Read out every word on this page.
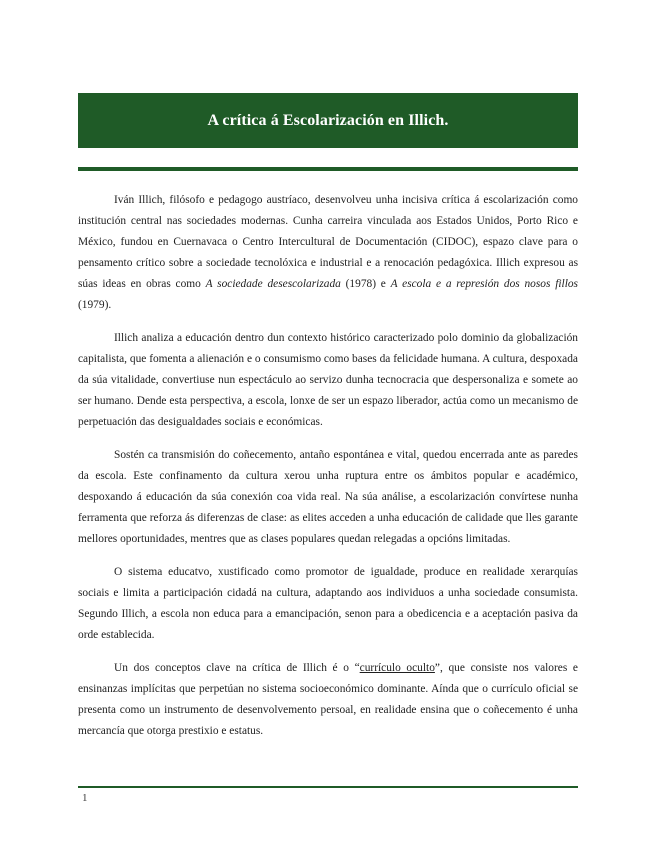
A crítica á Escolarización en Illich.

Iván Illich, filósofo e pedagogo austríaco, desenvolveu unha incisiva crítica á escolarización como institución central nas sociedades modernas. Cunha carreira vinculada aos Estados Unidos, Porto Rico e México, fundou en Cuernavaca o Centro Intercultural de Documentación (CIDOC), espazo clave para o pensamento crítico sobre a sociedade tecnolóxica e industrial e a renocación pedagóxica. Illich expresou as súas ideas en obras como A sociedade desescolarizada (1978) e A escola e a represión dos nosos fillos (1979).

Illich analiza a educación dentro dun contexto histórico caracterizado polo dominio da globalización capitalista, que fomenta a alienación e o consumismo como bases da felicidade humana. A cultura, despoxada da súa vitalidade, convertiuse nun espectáculo ao servizo dunha tecnocracia que despersonaliza e somete ao ser humano. Dende esta perspectiva, a escola, lonxe de ser un espazo liberador, actúa como un mecanismo de perpetuación das desigualdades sociais e económicas.

Sostén ca transmisión do coñecemento, antaño espontánea e vital, quedou encerrada ante as paredes da escola. Este confinamento da cultura xerou unha ruptura entre os ámbitos popular e académico, despoxando á educación da súa conexión coa vida real. Na súa análise, a escolarización convírtese nunha ferramenta que reforza ás diferenzas de clase: as elites acceden a unha educación de calidade que lles garante mellores oportunidades, mentres que as clases populares quedan relegadas a opcións limitadas.

O sistema educatvo, xustificado como promotor de igualdade, produce en realidade xerarquías sociais e limita a participación cidadá na cultura, adaptando aos individuos a unha sociedade consumista. Segundo Illich, a escola non educa para a emancipación, senon para a obedicencia e a aceptación pasiva da orde establecida.

Un dos conceptos clave na crítica de Illich é o “currículo oculto”, que consiste nos valores e ensinanzas implícitas que perpetúan no sistema socioeconómico dominante. Aínda que o currículo oficial se presenta como un instrumento de desenvolvemento persoal, en realidade ensina que o coñecemento é unha mercancía que otorga prestixio e estatus.

1
